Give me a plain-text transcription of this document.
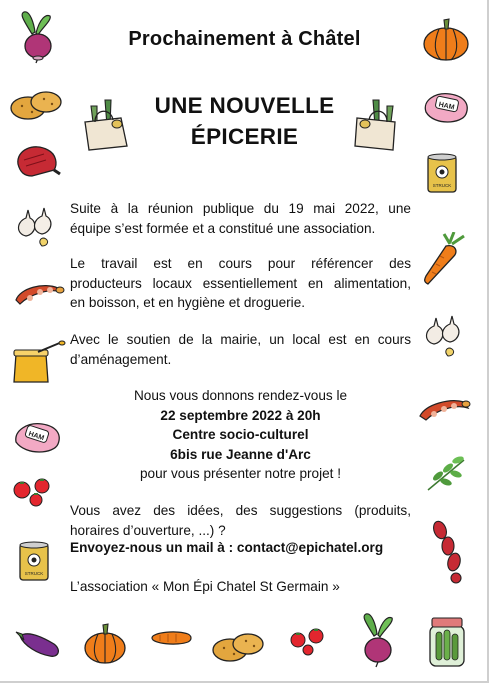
HAM
STRUCK
HAM
STRUCK
Prochainement à Châtel
UNE NOUVELLE
ÉPICERIE
Suite à la réunion publique du 19 mai 2022, une
équipe s’est formée et a constitué une association.
Le travail est en cours pour référencer des
producteurs locaux essentiellement en alimentation,
en boisson, et en hygiène et droguerie.
Avec le soutien de la mairie, un local est en cours
d’aménagement.
Nous vous donnons rendez-vous le
22 septembre 2022 à 20h
Centre socio-culturel
6bis rue Jeanne d'Arc
pour vous présenter notre projet !
Vous avez des idées, des suggestions (produits,
horaires d’ouverture, ...) ?
Envoyez-nous un mail à : contact@epichatel.org
L’association « Mon Épi Chatel St Germain »
